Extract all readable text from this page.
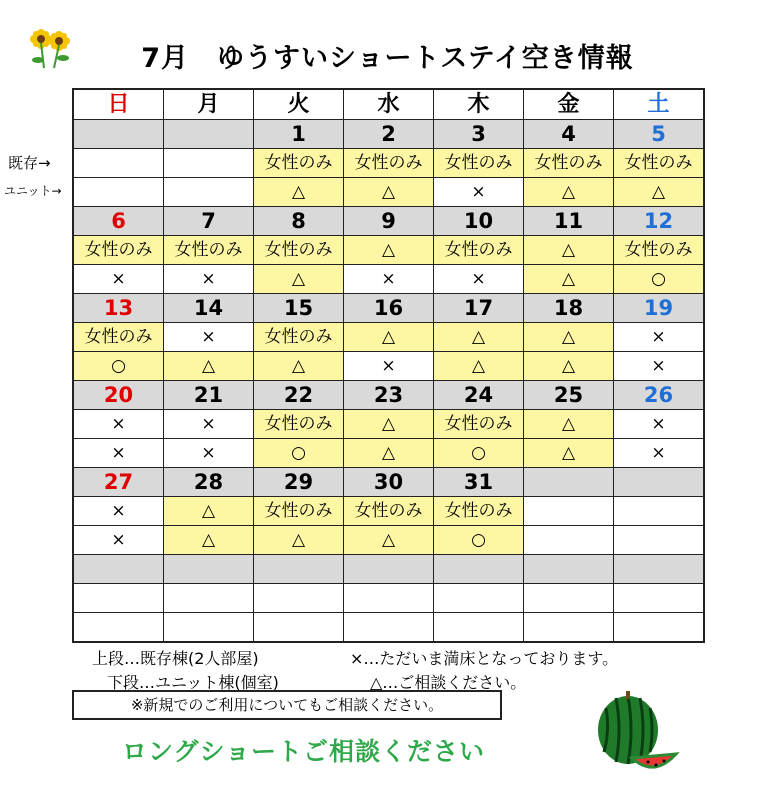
7月　ゆうすいショートステイ空き情報
既存→
ユニット→
日	月	火	水	木	金	土
		1	2	3	4	5
		女性のみ	女性のみ	女性のみ	女性のみ	女性のみ
		△	△	×	△	△
6	7	8	9	10	11	12
女性のみ	女性のみ	女性のみ	△	女性のみ	△	女性のみ
×	×	△	×	×	△	○
13	14	15	16	17	18	19
女性のみ	×	女性のみ	△	△	△	×
○	△	△	×	△	△	×
20	21	22	23	24	25	26
×	×	女性のみ	△	女性のみ	△	×
×	×	○	△	○	△	×
27	28	29	30	31		
×	△	女性のみ	女性のみ	女性のみ		
×	△	△	△	○		

上段…既存棟(2人部屋)	×…ただいま満床となっております。
下段…ユニット棟(個室)	△…ご相談ください。
※新規でのご利用についてもご相談ください。
ロングショートご相談ください
